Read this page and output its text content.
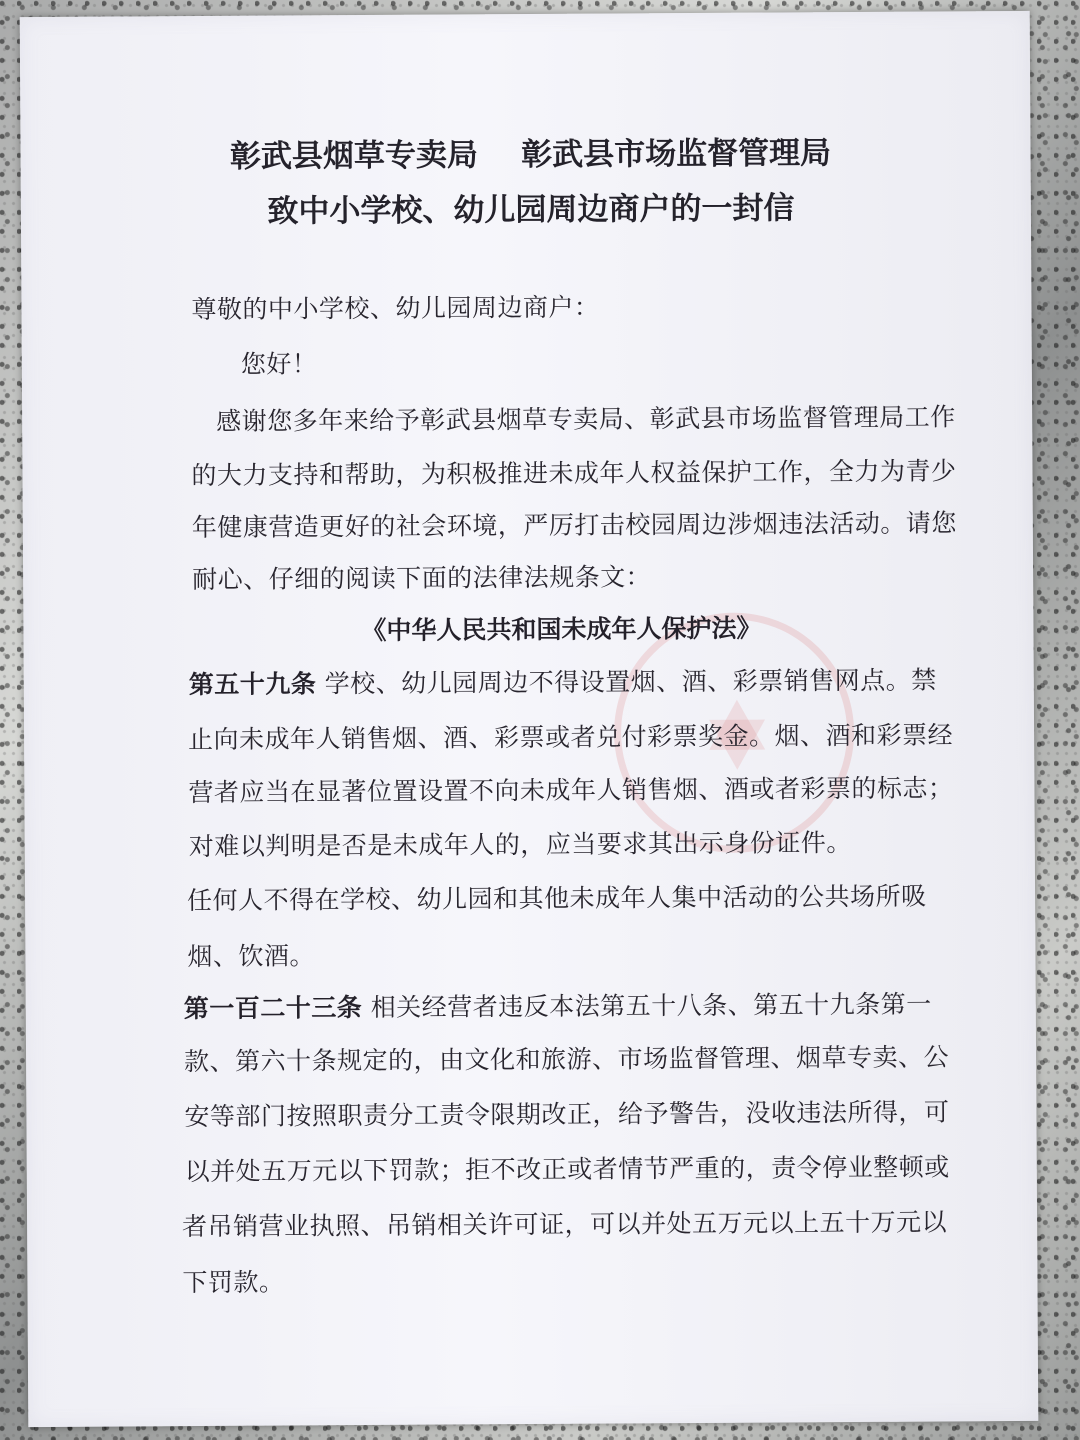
彰武县烟草专卖局    彰武县市场监督管理局
致中小学校、幼儿园周边商户的一封信
尊敬的中小学校、幼儿园周边商户：
您好！
感谢您多年来给予彰武县烟草专卖局、彰武县市场监督管理局工作
的大力支持和帮助，为积极推进未成年人权益保护工作，全力为青少
年健康营造更好的社会环境，严厉打击校园周边涉烟违法活动。请您
耐心、仔细的阅读下面的法律法规条文：
《中华人民共和国未成年人保护法》
第五十九条 学校、幼儿园周边不得设置烟、酒、彩票销售网点。禁
止向未成年人销售烟、酒、彩票或者兑付彩票奖金。烟、酒和彩票经
营者应当在显著位置设置不向未成年人销售烟、酒或者彩票的标志；
对难以判明是否是未成年人的，应当要求其出示身份证件。
任何人不得在学校、幼儿园和其他未成年人集中活动的公共场所吸
烟、饮酒。
第一百二十三条 相关经营者违反本法第五十八条、第五十九条第一
款、第六十条规定的，由文化和旅游、市场监督管理、烟草专卖、公
安等部门按照职责分工责令限期改正，给予警告，没收违法所得，可
以并处五万元以下罚款；拒不改正或者情节严重的，责令停业整顿或
者吊销营业执照、吊销相关许可证，可以并处五万元以上五十万元以
下罚款。
